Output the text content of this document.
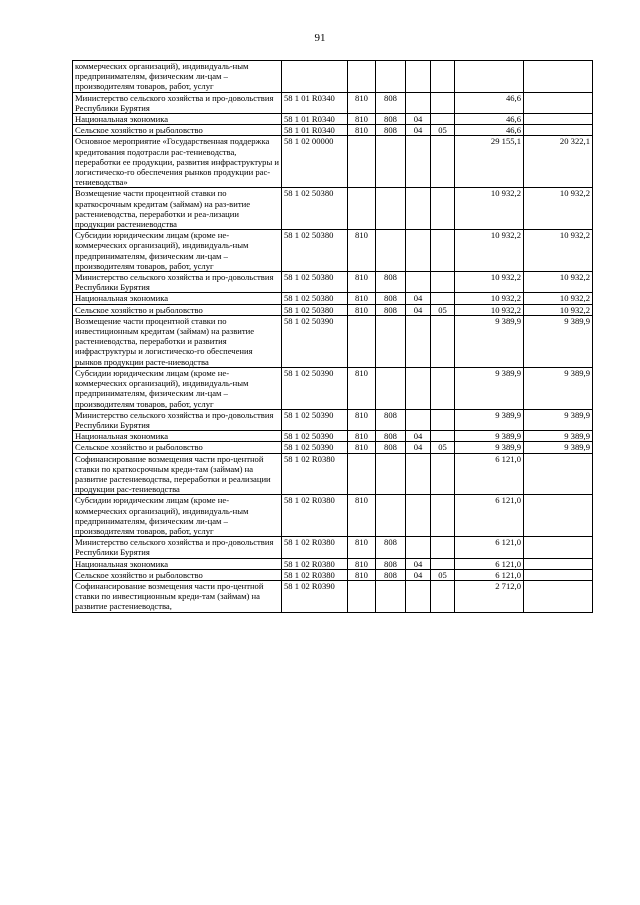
91
коммерческих организаций), индивидуаль-ным предпринимателям, физическим ли-цам – производителям товаров, работ, услуг							
Министерство сельского хозяйства и про-довольствия Республики Бурятия	58 1 01 R0340	810	808			46,6	
Национальная экономика	58 1 01 R0340	810	808	04		46,6	
Сельское хозяйство и рыболовство	58 1 01 R0340	810	808	04	05	46,6	
Основное мероприятие «Государственная поддержка кредитования подотрасли рас-тениеводства, переработки ее продукции, развития инфраструктуры и логистическо-го обеспечения рынков продукции рас-тениеводства»	58 1 02 00000					29 155,1	20 322,1
Возмещение части процентной ставки по краткосрочным кредитам (займам) на раз-витие растениеводства, переработки и реа-лизации продукции растениеводства	58 1 02 50380					10 932,2	10 932,2
Субсидии юридическим лицам (кроме не-коммерческих организаций), индивидуаль-ным предпринимателям, физическим ли-цам – производителям товаров, работ, услуг	58 1 02 50380	810				10 932,2	10 932,2
Министерство сельского хозяйства и про-довольствия Республики Бурятия	58 1 02 50380	810	808			10 932,2	10 932,2
Национальная экономика	58 1 02 50380	810	808	04		10 932,2	10 932,2
Сельское хозяйство и рыболовство	58 1 02 50380	810	808	04	05	10 932,2	10 932,2
Возмещение части процентной ставки по инвестиционным кредитам (займам) на развитие растениеводства, переработки и развития инфраструктуры и логистическо-го обеспечения рынков продукции расте-ниеводства	58 1 02 50390					9 389,9	9 389,9
Субсидии юридическим лицам (кроме не-коммерческих организаций), индивидуаль-ным предпринимателям, физическим ли-цам – производителям товаров, работ, услуг	58 1 02 50390	810				9 389,9	9 389,9
Министерство сельского хозяйства и про-довольствия Республики Бурятия	58 1 02 50390	810	808			9 389,9	9 389,9
Национальная экономика	58 1 02 50390	810	808	04		9 389,9	9 389,9
Сельское хозяйство и рыболовство	58 1 02 50390	810	808	04	05	9 389,9	9 389,9
Софинансирование возмещения части про-центной ставки по краткосрочным креди-там (займам) на развитие растениеводства, переработки и реализации продукции рас-тениеводства	58 1 02 R0380					6 121,0	
Субсидии юридическим лицам (кроме не-коммерческих организаций), индивидуаль-ным предпринимателям, физическим ли-цам – производителям товаров, работ, услуг	58 1 02 R0380	810				6 121,0	
Министерство сельского хозяйства и про-довольствия Республики Бурятия	58 1 02 R0380	810	808			6 121,0	
Национальная экономика	58 1 02 R0380	810	808	04		6 121,0	
Сельское хозяйство и рыболовство	58 1 02 R0380	810	808	04	05	6 121,0	
Софинансирование возмещения части про-центной ставки по инвестиционным креди-там (займам) на развитие растениеводства,	58 1 02 R0390					2 712,0	
